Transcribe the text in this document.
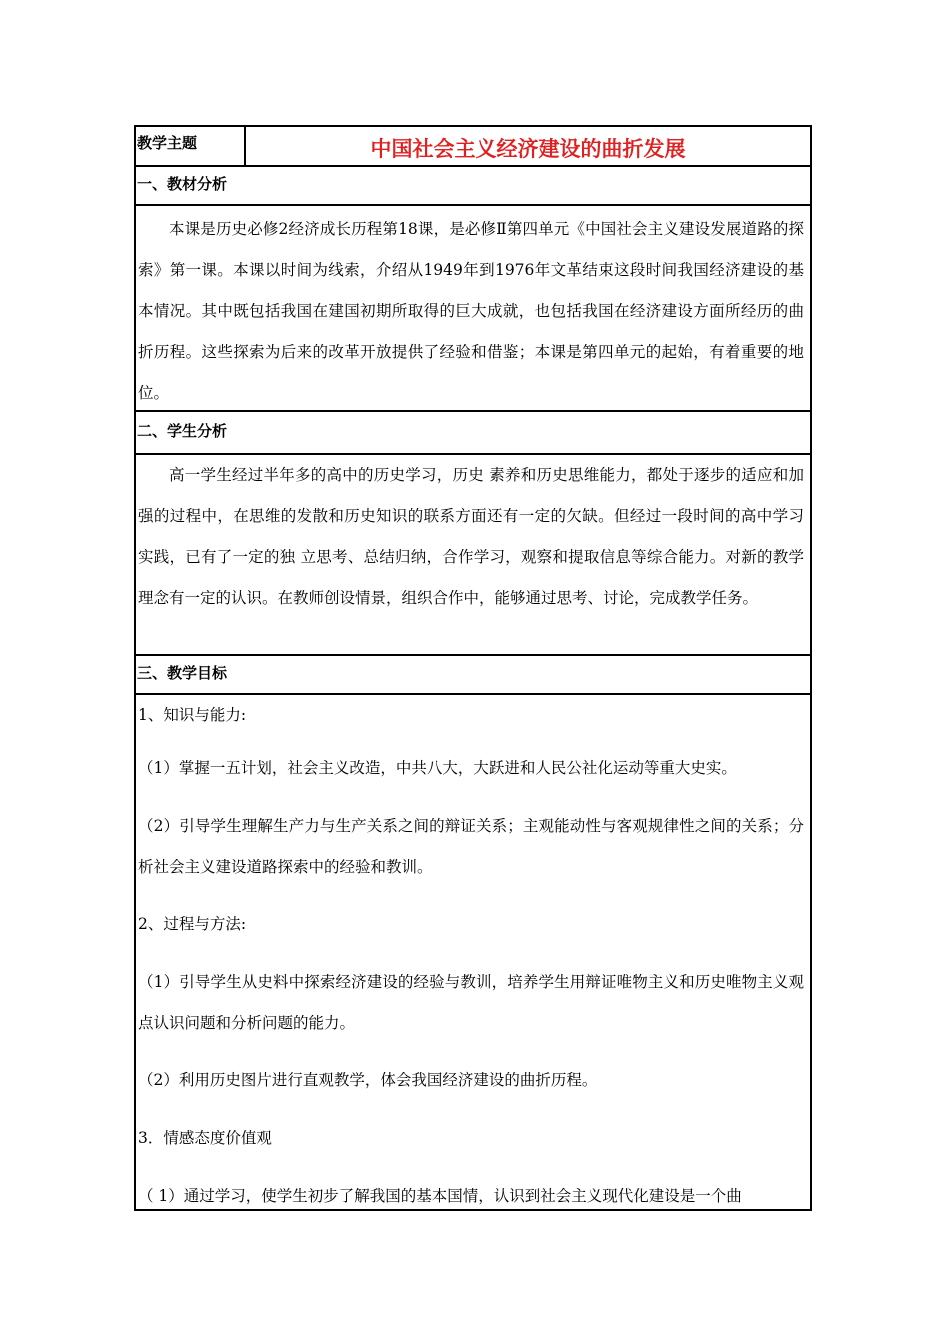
教学主题	中国社会主义经济建设的曲折发展
一、教材分析

本课是历史必修2经济成长历程第18课，是必修Ⅱ第四单元《中国社会主义建设发展道路的探索》第一课。本课以时间为线索，介绍从1949年到1976年文革结束这段时间我国经济建设的基本情况。其中既包括我国在建国初期所取得的巨大成就，也包括我国在经济建设方面所经历的曲折历程。这些探索为后来的改革开放提供了经验和借鉴；本课是第四单元的起始，有着重要的地位。

二、学生分析

高一学生经过半年多的高中的历史学习，历史 素养和历史思维能力，都处于逐步的适应和加强的过程中，在思维的发散和历史知识的联系方面还有一定的欠缺。但经过一段时间的高中学习实践，已有了一定的独 立思考、总结归纳，合作学习，观察和提取信息等综合能力。对新的教学理念有一定的认识。在教师创设情景，组织合作中，能够通过思考、讨论，完成教学任务。

三、教学目标

1、知识与能力:

（1）掌握一五计划，社会主义改造，中共八大，大跃进和人民公社化运动等重大史实。

（2）引导学生理解生产力与生产关系之间的辩证关系；主观能动性与客观规律性之间的关系；分析社会主义建设道路探索中的经验和教训。

2、过程与方法:

（1）引导学生从史料中探索经济建设的经验与教训，培养学生用辩证唯物主义和历史唯物主义观点认识问题和分析问题的能力。

（2）利用历史图片进行直观教学，体会我国经济建设的曲折历程。

3．情感态度价值观

（ 1）通过学习，使学生初步了解我国的基本国情，认识到社会主义现代化建设是一个曲
